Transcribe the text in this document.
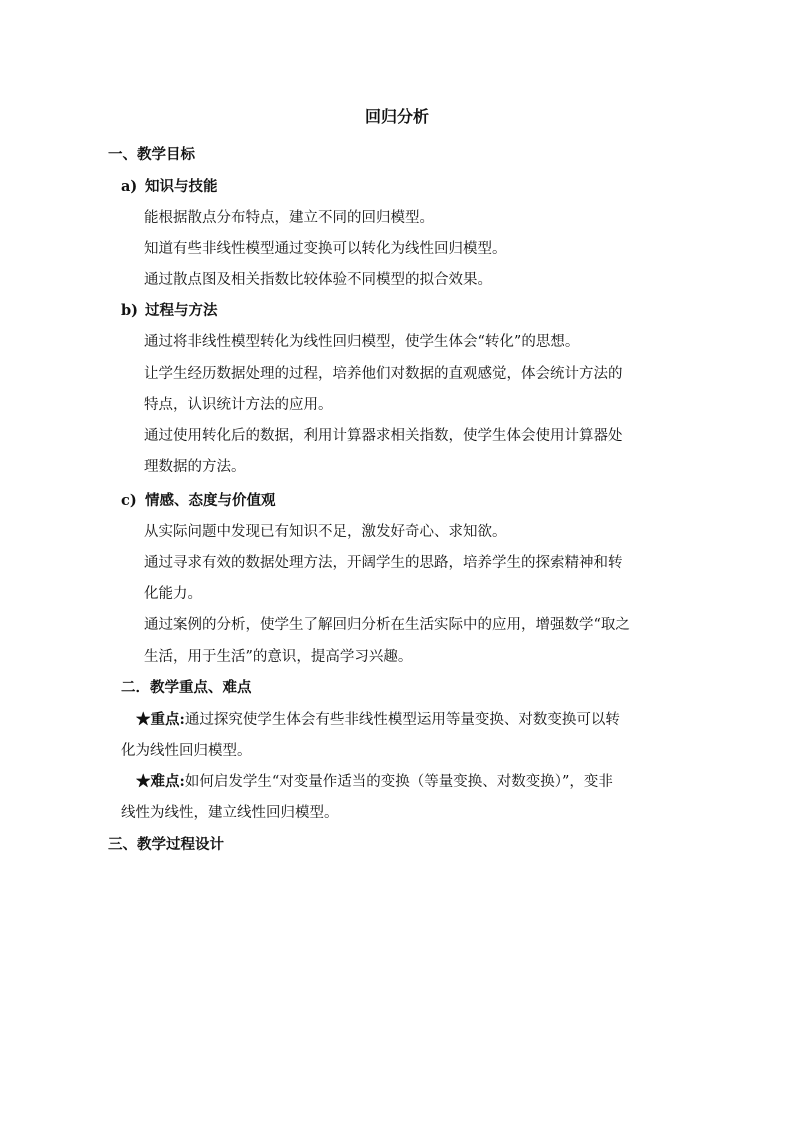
回归分析
一、教学目标
a) 知识与技能
能根据散点分布特点，建立不同的回归模型。
知道有些非线性模型通过变换可以转化为线性回归模型。
通过散点图及相关指数比较体验不同模型的拟合效果。
b) 过程与方法
通过将非线性模型转化为线性回归模型，使学生体会“转化”的思想。
让学生经历数据处理的过程，培养他们对数据的直观感觉，体会统计方法的
特点，认识统计方法的应用。
通过使用转化后的数据，利用计算器求相关指数，使学生体会使用计算器处
理数据的方法。
c) 情感、态度与价值观
从实际问题中发现已有知识不足，激发好奇心、求知欲。
通过寻求有效的数据处理方法，开阔学生的思路，培养学生的探索精神和转
化能力。
通过案例的分析，使学生了解回归分析在生活实际中的应用，增强数学“取之
生活，用于生活”的意识，提高学习兴趣。
二．教学重点、难点
★重点:通过探究使学生体会有些非线性模型运用等量变换、对数变换可以转
化为线性回归模型。
★难点:如何启发学生“对变量作适当的变换（等量变换、对数变换）”，变非
线性为线性，建立线性回归模型。
三、教学过程设计
